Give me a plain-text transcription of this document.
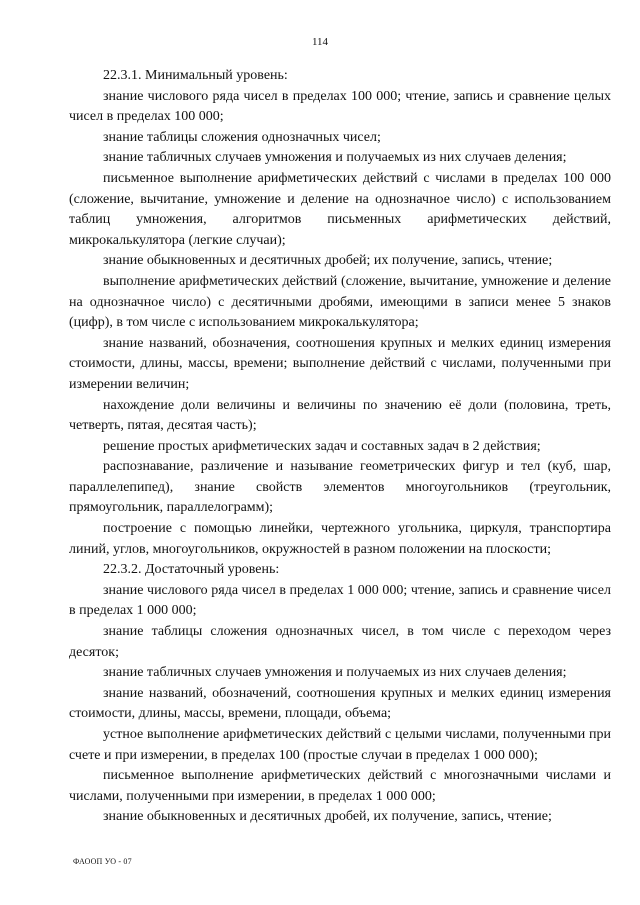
114

22.3.1. Минимальный уровень:

знание числового ряда чисел в пределах 100 000; чтение, запись и сравнение целых чисел в пределах 100 000;

знание таблицы сложения однозначных чисел;

знание табличных случаев умножения и получаемых из них случаев деления;

письменное выполнение арифметических действий с числами в пределах 100 000 (сложение, вычитание, умножение и деление на однозначное число) с использованием таблиц умножения, алгоритмов письменных арифметических действий, микрокалькулятора (легкие случаи);

знание обыкновенных и десятичных дробей; их получение, запись, чтение;

выполнение арифметических действий (сложение, вычитание, умножение и деление на однозначное число) с десятичными дробями, имеющими в записи менее 5 знаков (цифр), в том числе с использованием микрокалькулятора;

знание названий, обозначения, соотношения крупных и мелких единиц измерения стоимости, длины, массы, времени; выполнение действий с числами, полученными при измерении величин;

нахождение доли величины и величины по значению её доли (половина, треть, четверть, пятая, десятая часть);

решение простых арифметических задач и составных задач в 2 действия;

распознавание, различение и называние геометрических фигур и тел (куб, шар, параллелепипед), знание свойств элементов многоугольников (треугольник, прямоугольник, параллелограмм);

построение с помощью линейки, чертежного угольника, циркуля, транспортира линий, углов, многоугольников, окружностей в разном положении на плоскости;

22.3.2. Достаточный уровень:

знание числового ряда чисел в пределах 1 000 000; чтение, запись и сравнение чисел в пределах 1 000 000;

знание таблицы сложения однозначных чисел, в том числе с переходом через десяток;

знание табличных случаев умножения и получаемых из них случаев деления;

знание названий, обозначений, соотношения крупных и мелких единиц измерения стоимости, длины, массы, времени, площади, объема;

устное выполнение арифметических действий с целыми числами, полученными при счете и при измерении, в пределах 100 (простые случаи в пределах 1 000 000);

письменное выполнение арифметических действий с многозначными числами и числами, полученными при измерении, в пределах 1 000 000;

знание обыкновенных и десятичных дробей, их получение, запись, чтение;

ФАООП УО - 07
